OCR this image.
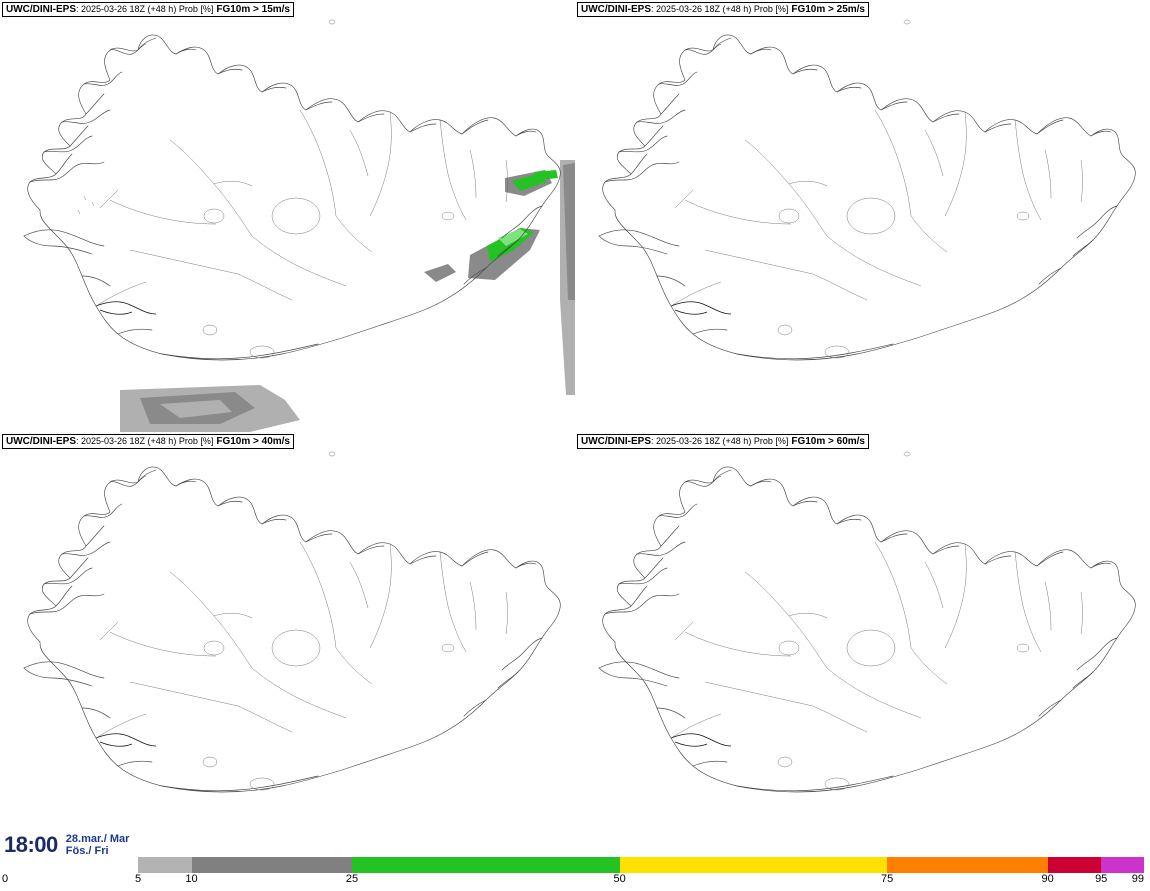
UWC/DINI-EPS : 2025-03-26 18Z (+48 h) Prob [%] FG10m > 15m/s	UWC/DINI-EPS : 2025-03-26 18Z (+48 h) Prob [%] FG10m > 25m/s
UWC/DINI-EPS : 2025-03-26 18Z (+48 h) Prob [%] FG10m > 40m/s	UWC/DINI-EPS : 2025-03-26 18Z (+48 h) Prob [%] FG10m > 60m/s
18:00 28.mar./ Mar
Fös./ Fri
0	5	10	25	50	75	90	95 99
